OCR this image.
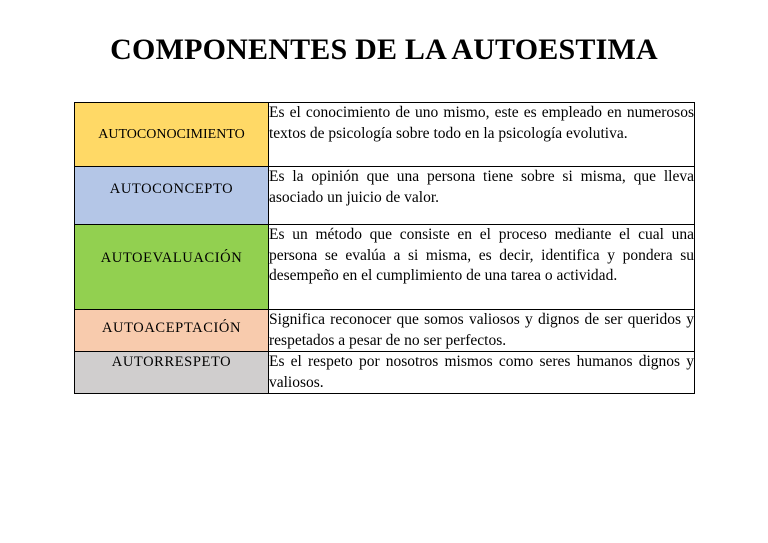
COMPONENTES DE LA AUTOESTIMA
AUTOCONOCIMIENTO	Es el conocimiento de uno mismo, este es empleado en numerosos textos de psicología sobre todo en la psicología evolutiva.

AUTOCONCEPTO	Es la opinión que una persona tiene sobre si misma, que lleva asociado un juicio de valor.

AUTOEVALUACIÓN	Es un método que consiste en el proceso mediante el cual una persona se evalúa a si misma, es decir, identifica y pondera su desempeño en el cumplimiento de una tarea o actividad.

AUTOACEPTACIÓN	Significa reconocer que somos valiosos y dignos de ser queridos y respetados a pesar de no ser perfectos.

AUTORRESPETO	Es el respeto por nosotros mismos como seres humanos dignos y valiosos.
